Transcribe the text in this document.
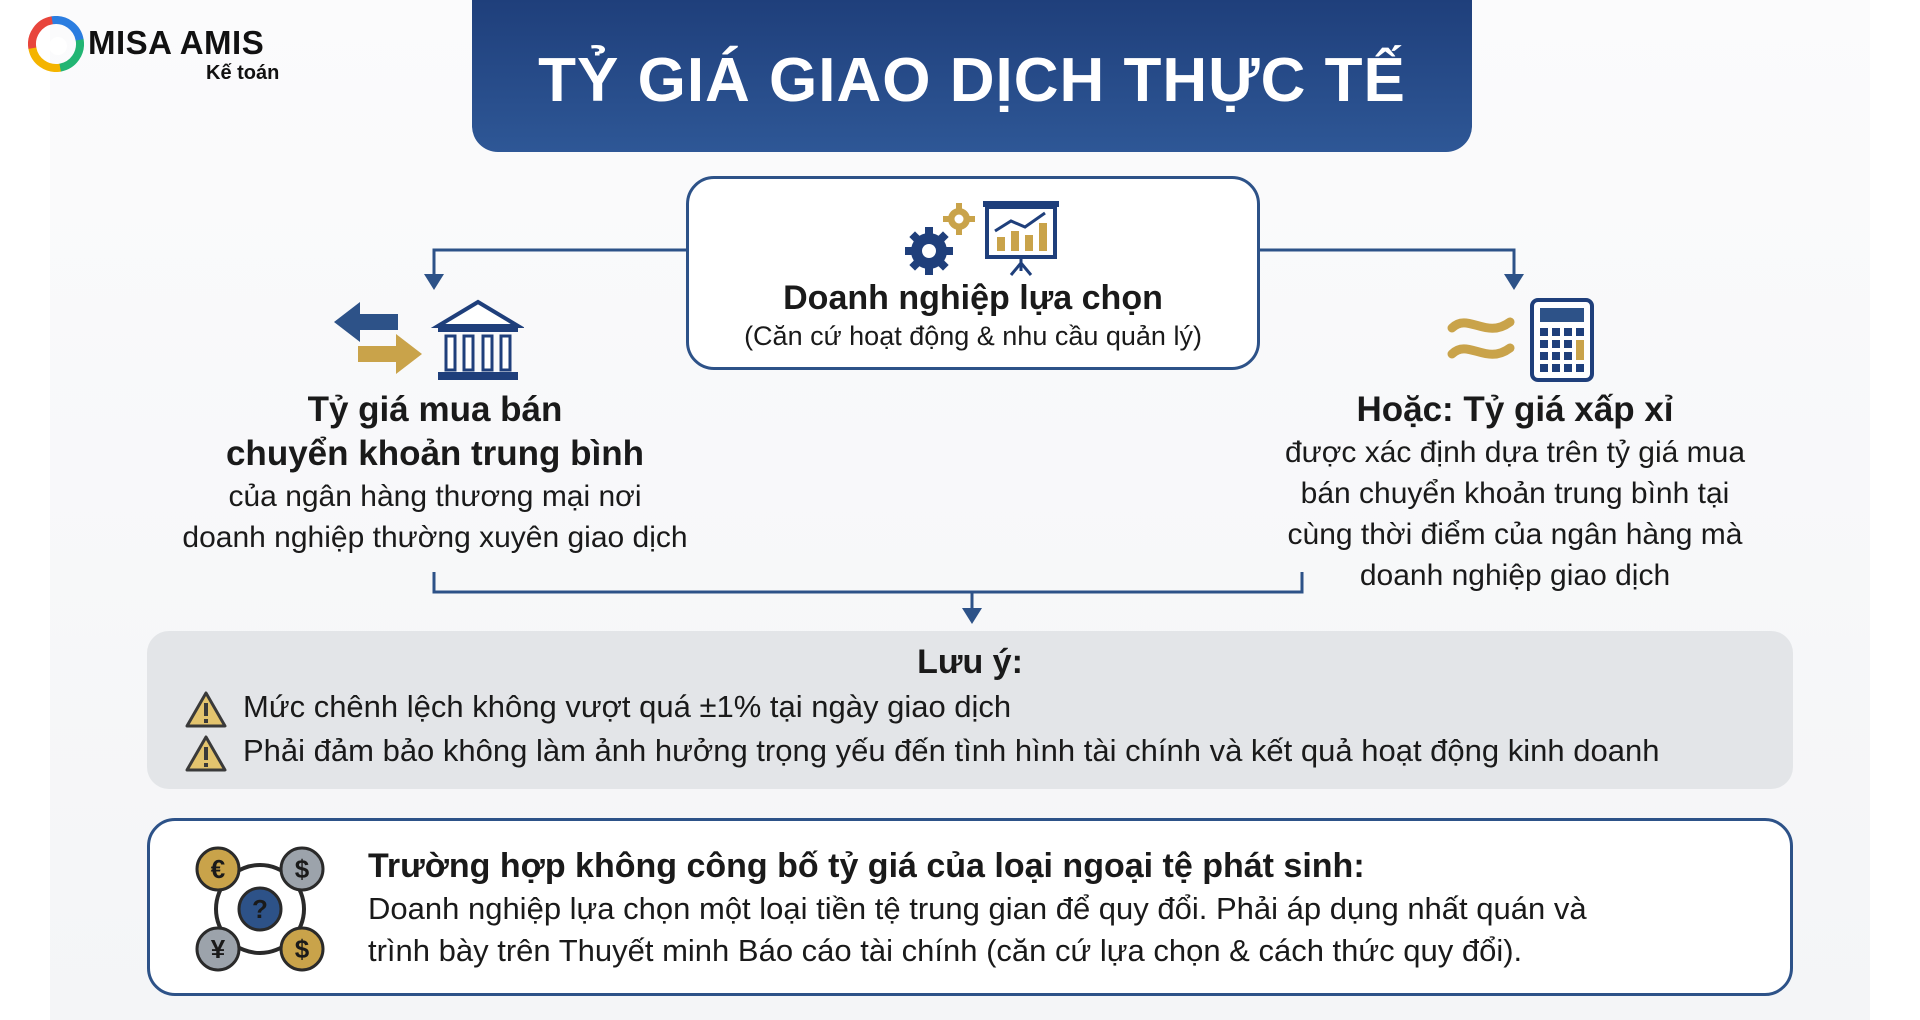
MISA AMIS
Kế toán	TỶ GIÁ GIAO DỊCH THỰC TẾ
Doanh nghiệp lựa chọn
(Căn cứ hoạt động & nhu cầu quản lý)
Tỷ giá mua bán
chuyển khoản trung bình
của ngân hàng thương mại nơi
doanh nghiệp thường xuyên giao dịch
Hoặc: Tỷ giá xấp xỉ
được xác định dựa trên tỷ giá mua
bán chuyển khoản trung bình tại
cùng thời điểm của ngân hàng mà
doanh nghiệp giao dịch
Lưu ý:
Mức chênh lệch không vượt quá ±1% tại ngày giao dịch
Phải đảm bảo không làm ảnh hưởng trọng yếu đến tình hình tài chính và kết quả hoạt động kinh doanh
€	$
?
¥	$
Trường hợp không công bố tỷ giá của loại ngoại tệ phát sinh:
Doanh nghiệp lựa chọn một loại tiền tệ trung gian để quy đổi. Phải áp dụng nhất quán và
trình bày trên Thuyết minh Báo cáo tài chính (căn cứ lựa chọn & cách thức quy đổi).
